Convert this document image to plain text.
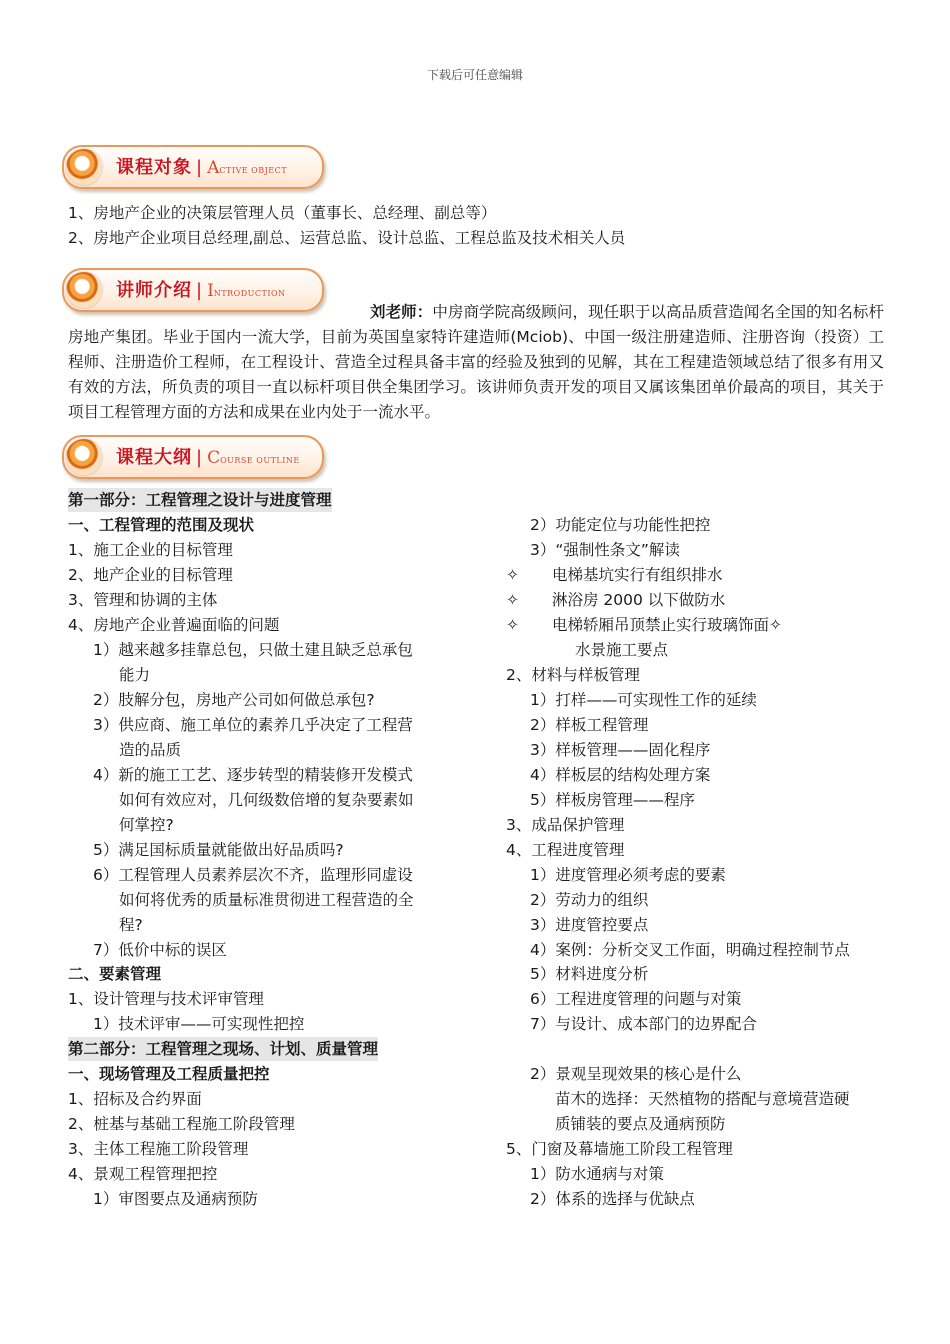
下载后可任意编辑
课程对象 | ACTIVE OBJECT
1、房地产企业的决策层管理人员（董事长、总经理、副总等）
2、房地产企业项目总经理,副总、运营总监、设计总监、工程总监及技术相关人员
讲师介绍 | INTRODUCTION
刘老师：中房商学院高级顾问，现任职于以高品质营造闻名全国的知名标杆房地产集团。毕业于国内一流大学，目前为英国皇家特许建造师(Mciob)、中国一级注册建造师、注册咨询（投资）工程师、注册造价工程师，在工程设计、营造全过程具备丰富的经验及独到的见解，其在工程建造领域总结了很多有用又有效的方法，所负责的项目一直以标杆项目供全集团学习。该讲师负责开发的项目又属该集团单价最高的项目，其关于项目工程管理方面的方法和成果在业内处于一流水平。
课程大纲 | COURSE OUTLINE
第一部分：工程管理之设计与进度管理
一、工程管理的范围及现状
1、施工企业的目标管理
2、地产企业的目标管理
3、管理和协调的主体
4、房地产企业普遍面临的问题
1）越来越多挂靠总包，只做土建且缺乏总承包
能力
2）肢解分包，房地产公司如何做总承包?
3）供应商、施工单位的素养几乎决定了工程营
造的品质
4）新的施工工艺、逐步转型的精装修开发模式
如何有效应对，几何级数倍增的复杂要素如
何掌控?
5）满足国标质量就能做出好品质吗?
6）工程管理人员素养层次不齐，监理形同虚设
如何将优秀的质量标准贯彻进工程营造的全
程?
7）低价中标的误区
二、要素管理
1、设计管理与技术评审管理
1）技术评审——可实现性把控
第二部分：工程管理之现场、计划、质量管理
一、现场管理及工程质量把控
1、招标及合约界面
2、桩基与基础工程施工阶段管理
3、主体工程施工阶段管理
4、景观工程管理把控
1）审图要点及通病预防
2）功能定位与功能性把控
3）“强制性条文”解读
✧ 电梯基坑实行有组织排水
✧ 淋浴房 2000 以下做防水
✧ 电梯轿厢吊顶禁止实行玻璃饰面✧
水景施工要点
2、材料与样板管理
1）打样——可实现性工作的延续
2）样板工程管理
3）样板管理——固化程序
4）样板层的结构处理方案
5）样板房管理——程序
3、成品保护管理
4、工程进度管理
1）进度管理必须考虑的要素
2）劳动力的组织
3）进度管控要点
4）案例：分析交叉工作面，明确过程控制节点
5）材料进度分析
6）工程进度管理的问题与对策
7）与设计、成本部门的边界配合
2）景观呈现效果的核心是什么
苗木的选择：天然植物的搭配与意境营造硬
质铺装的要点及通病预防
5、门窗及幕墙施工阶段工程管理
1）防水通病与对策
2）体系的选择与优缺点
